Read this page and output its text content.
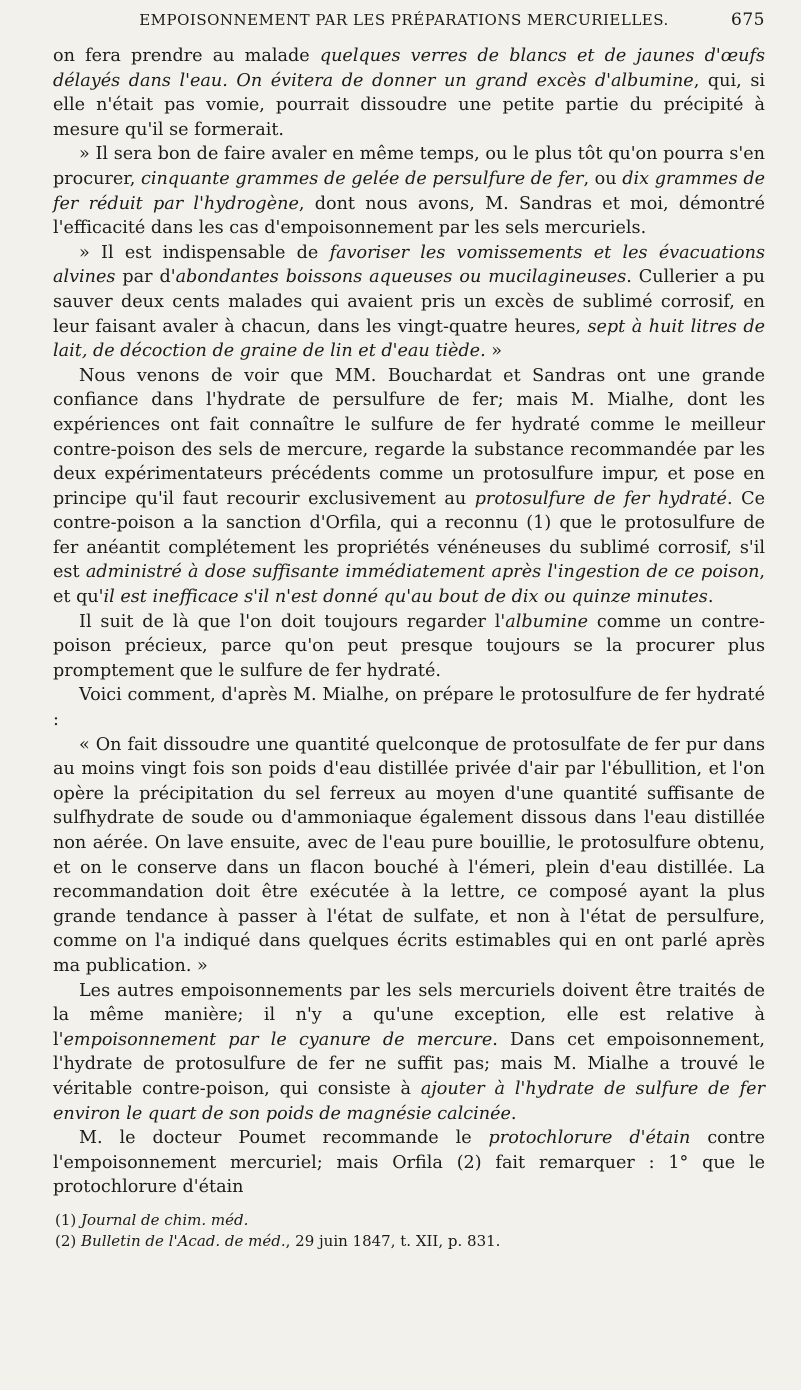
EMPOISONNEMENT PAR LES PRÉPARATIONS MERCURIELLES.	675

on fera prendre au malade quelques verres de blancs et de jaunes d'œufs délayés dans l'eau. On évitera de donner un grand excès d'albumine, qui, si elle n'était pas vomie, pourrait dissoudre une petite partie du précipité à mesure qu'il se formerait.

» Il sera bon de faire avaler en même temps, ou le plus tôt qu'on pourra s'en procurer, cinquante grammes de gelée de persulfure de fer, ou dix grammes de fer réduit par l'hydrogène, dont nous avons, M. Sandras et moi, démontré l'efficacité dans les cas d'empoisonnement par les sels mercuriels.

» Il est indispensable de favoriser les vomissements et les évacuations alvines par d'abondantes boissons aqueuses ou mucilagineuses. Cullerier a pu sauver deux cents malades qui avaient pris un excès de sublimé corrosif, en leur faisant avaler à chacun, dans les vingt-quatre heures, sept à huit litres de lait, de décoction de graine de lin et d'eau tiède. »

Nous venons de voir que MM. Bouchardat et Sandras ont une grande confiance dans l'hydrate de persulfure de fer; mais M. Mialhe, dont les expériences ont fait connaître le sulfure de fer hydraté comme le meilleur contre-poison des sels de mercure, regarde la substance recommandée par les deux expérimentateurs précédents comme un protosulfure impur, et pose en principe qu'il faut recourir exclusivement au protosulfure de fer hydraté. Ce contre-poison a la sanction d'Orfila, qui a reconnu (1) que le protosulfure de fer anéantit complétement les propriétés vénéneuses du sublimé corrosif, s'il est administré à dose suffisante immédiatement après l'ingestion de ce poison, et qu'il est inefficace s'il n'est donné qu'au bout de dix ou quinze minutes.

Il suit de là que l'on doit toujours regarder l'albumine comme un contre-poison précieux, parce qu'on peut presque toujours se la procurer plus promptement que le sulfure de fer hydraté.

Voici comment, d'après M. Mialhe, on prépare le protosulfure de fer hydraté :

« On fait dissoudre une quantité quelconque de protosulfate de fer pur dans au moins vingt fois son poids d'eau distillée privée d'air par l'ébullition, et l'on opère la précipitation du sel ferreux au moyen d'une quantité suffisante de sulfhydrate de soude ou d'ammoniaque également dissous dans l'eau distillée non aérée. On lave ensuite, avec de l'eau pure bouillie, le protosulfure obtenu, et on le conserve dans un flacon bouché à l'émeri, plein d'eau distillée. La recommandation doit être exécutée à la lettre, ce composé ayant la plus grande tendance à passer à l'état de sulfate, et non à l'état de persulfure, comme on l'a indiqué dans quelques écrits estimables qui en ont parlé après ma publication. »

Les autres empoisonnements par les sels mercuriels doivent être traités de la même manière; il n'y a qu'une exception, elle est relative à l'empoisonnement par le cyanure de mercure. Dans cet empoisonnement, l'hydrate de protosulfure de fer ne suffit pas; mais M. Mialhe a trouvé le véritable contre-poison, qui consiste à ajouter à l'hydrate de sulfure de fer environ le quart de son poids de magnésie calcinée.

M. le docteur Poumet recommande le protochlorure d'étain contre l'empoisonnement mercuriel; mais Orfila (2) fait remarquer : 1° que le protochlorure d'étain

(1) Journal de chim. méd.

(2) Bulletin de l'Acad. de méd., 29 juin 1847, t. XII, p. 831.
